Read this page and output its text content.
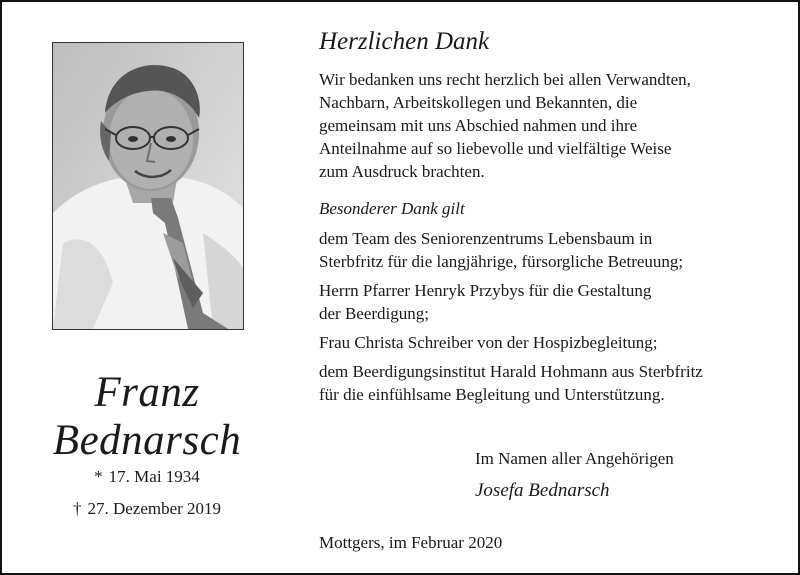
Franz
Bednarsch
* 17. Mai 1934
† 27. Dezember 2019
Herzlichen Dank
Wir bedanken uns recht herzlich bei allen Verwandten,
Nachbarn, Arbeitskollegen und Bekannten, die
gemeinsam mit uns Abschied nahmen und ihre
Anteilnahme auf so liebevolle und vielfältige Weise
zum Ausdruck brachten.
Besonderer Dank gilt
dem Team des Seniorenzentrums Lebensbaum in
Sterbfritz für die langjährige, fürsorgliche Betreuung;
Herrn Pfarrer Henryk Przybys für die Gestaltung
der Beerdigung;
Frau Christa Schreiber von der Hospizbegleitung;
dem Beerdigungsinstitut Harald Hohmann aus Sterbfritz
für die einfühlsame Begleitung und Unterstützung.
Im Namen aller Angehörigen
Josefa Bednarsch
Mottgers, im Februar 2020
